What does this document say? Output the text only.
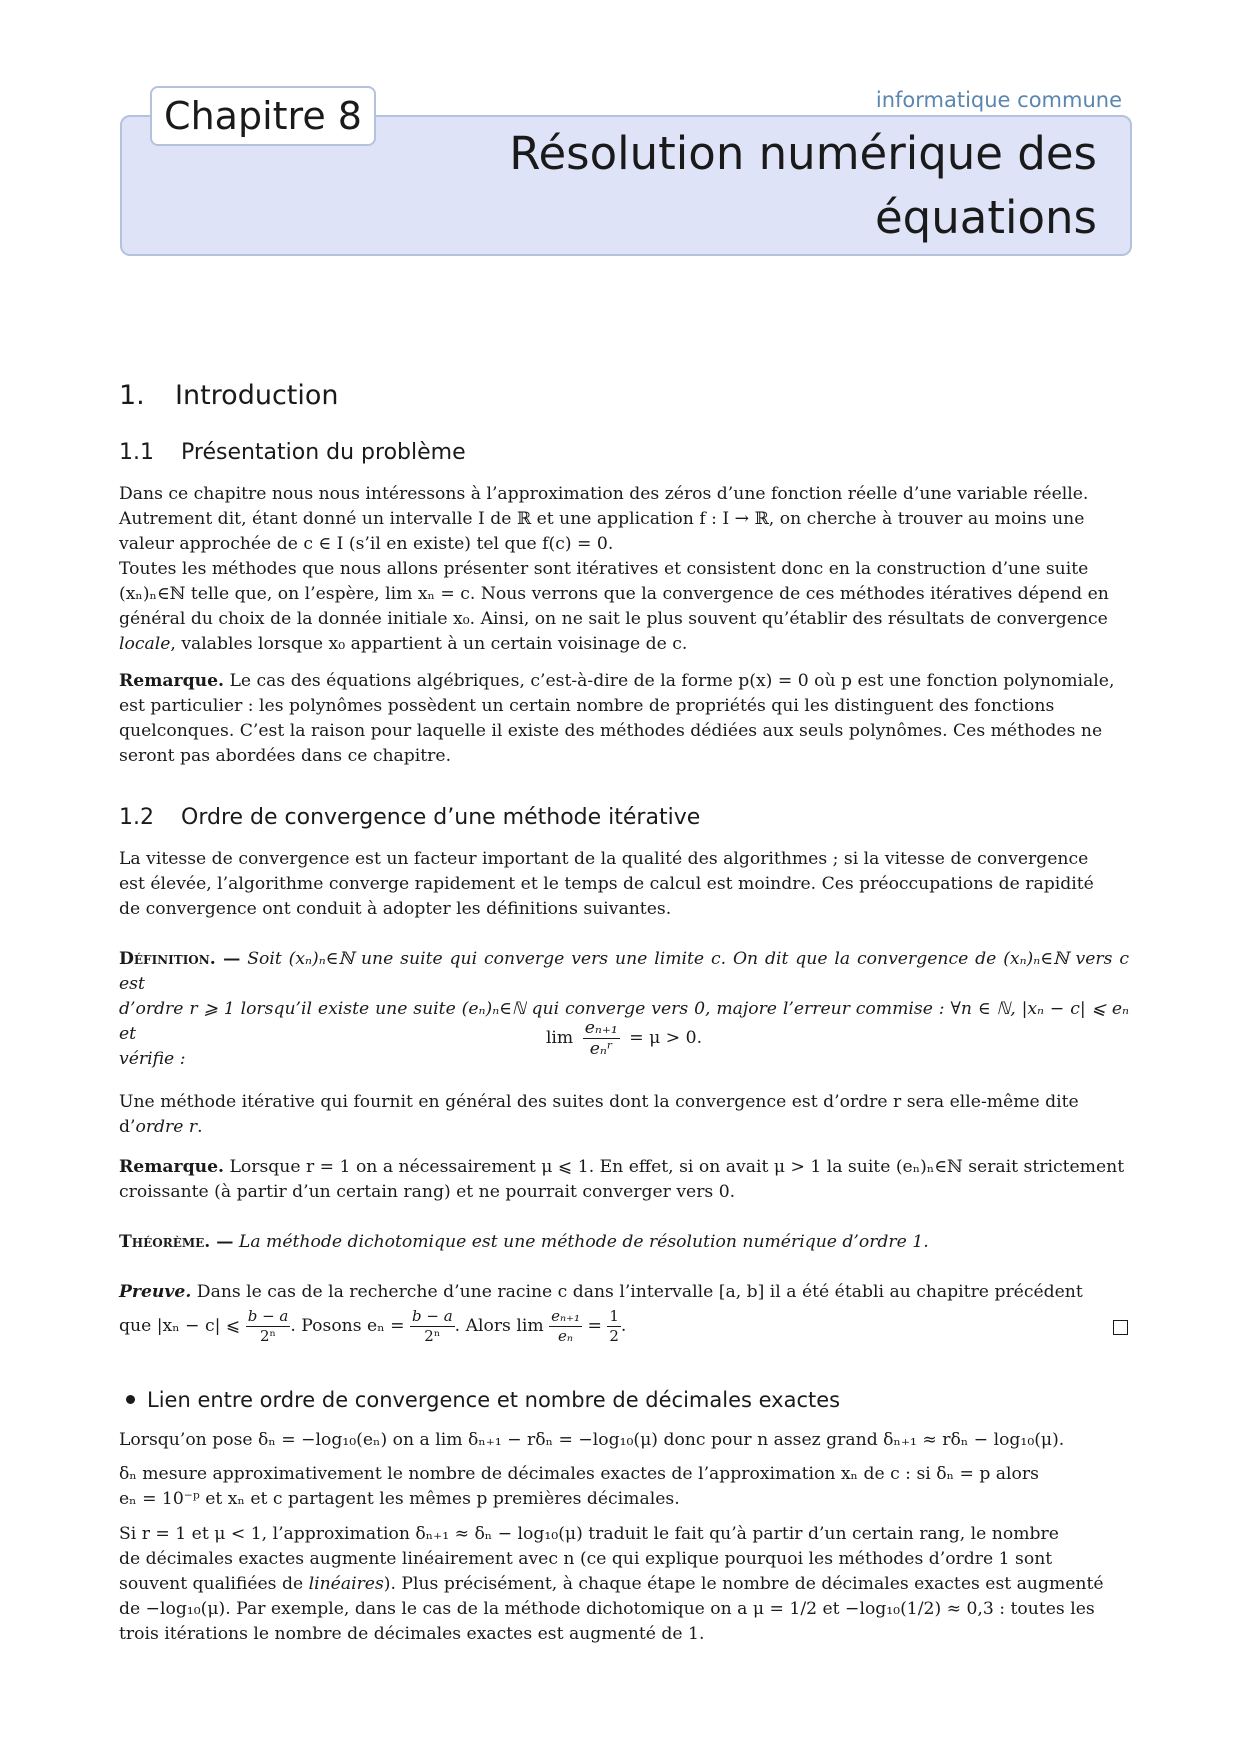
Chapitre 8	informatique commune
Résolution numérique des
équations
1. Introduction
1.1 Présentation du problème
Dans ce chapitre nous nous intéressons à l’approximation des zéros d’une fonction réelle d’une variable réelle.
Autrement dit, étant donné un intervalle I de ℝ et une application f : I → ℝ, on cherche à trouver au moins une
valeur approchée de c ∈ I (s’il en existe) tel que f(c) = 0.
Toutes les méthodes que nous allons présenter sont itératives et consistent donc en la construction d’une suite
(xₙ)ₙ∈ℕ telle que, on l’espère, lim xₙ = c. Nous verrons que la convergence de ces méthodes itératives dépend en
général du choix de la donnée initiale x₀. Ainsi, on ne sait le plus souvent qu’établir des résultats de convergence
locale, valables lorsque x₀ appartient à un certain voisinage de c.
Remarque. Le cas des équations algébriques, c’est-à-dire de la forme p(x) = 0 où p est une fonction polynomiale,
est particulier : les polynômes possèdent un certain nombre de propriétés qui les distinguent des fonctions
quelconques. C’est la raison pour laquelle il existe des méthodes dédiées aux seuls polynômes. Ces méthodes ne
seront pas abordées dans ce chapitre.
1.2 Ordre de convergence d’une méthode itérative
La vitesse de convergence est un facteur important de la qualité des algorithmes ; si la vitesse de convergence
est élevée, l’algorithme converge rapidement et le temps de calcul est moindre. Ces préoccupations de rapidité
de convergence ont conduit à adopter les définitions suivantes.
Définition. — Soit (xₙ)ₙ∈ℕ une suite qui converge vers une limite c. On dit que la convergence de (xₙ)ₙ∈ℕ vers c est
d’ordre r ⩾ 1 lorsqu’il existe une suite (eₙ)ₙ∈ℕ qui converge vers 0, majore l’erreur commise : ∀n ∈ ℕ, |xₙ − c| ⩽ eₙ et
vérifie :
lim eₙ₊₁
eₙʳ
= μ > 0.
Une méthode itérative qui fournit en général des suites dont la convergence est d’ordre r sera elle-même dite
d’ordre r.
Remarque. Lorsque r = 1 on a nécessairement μ ⩽ 1. En effet, si on avait μ > 1 la suite (eₙ)ₙ∈ℕ serait strictement
croissante (à partir d’un certain rang) et ne pourrait converger vers 0.
Théorème. — La méthode dichotomique est une méthode de résolution numérique d’ordre 1.
Preuve. Dans le cas de la recherche d’une racine c dans l’intervalle [a, b] il a été établi au chapitre précédent
que |xₙ − c| ⩽ $\frac{b - a}{\text{2ⁿ}}$ . Posons $e_n = \frac{b - a}{\text{2ⁿ}}$ . Alors $\lim \frac{\text{eₙ₊₁}}{\text{eₙ}} = \frac{1}{2}$ .
Lien entre ordre de convergence et nombre de décimales exactes
Lorsqu’on pose δₙ = −log₁₀(eₙ) on a lim δₙ₊₁ − rδₙ = −log₁₀(μ) donc pour n assez grand δₙ₊₁ ≈ rδₙ − log₁₀(μ).
δₙ mesure approximativement le nombre de décimales exactes de l’approximation xₙ de c : si δₙ = p alors
eₙ = 10⁻ᵖ et xₙ et c partagent les mêmes p premières décimales.
Si r = 1 et μ < 1, l’approximation δₙ₊₁ ≈ δₙ − log₁₀(μ) traduit le fait qu’à partir d’un certain rang, le nombre
de décimales exactes augmente linéairement avec n (ce qui explique pourquoi les méthodes d’ordre 1 sont
souvent qualifiées de linéaires). Plus précisément, à chaque étape le nombre de décimales exactes est augmenté
de −log₁₀(μ). Par exemple, dans le cas de la méthode dichotomique on a μ = 1/2 et −log₁₀(1/2) ≈ 0,3 : toutes les
trois itérations le nombre de décimales exactes est augmenté de 1.
